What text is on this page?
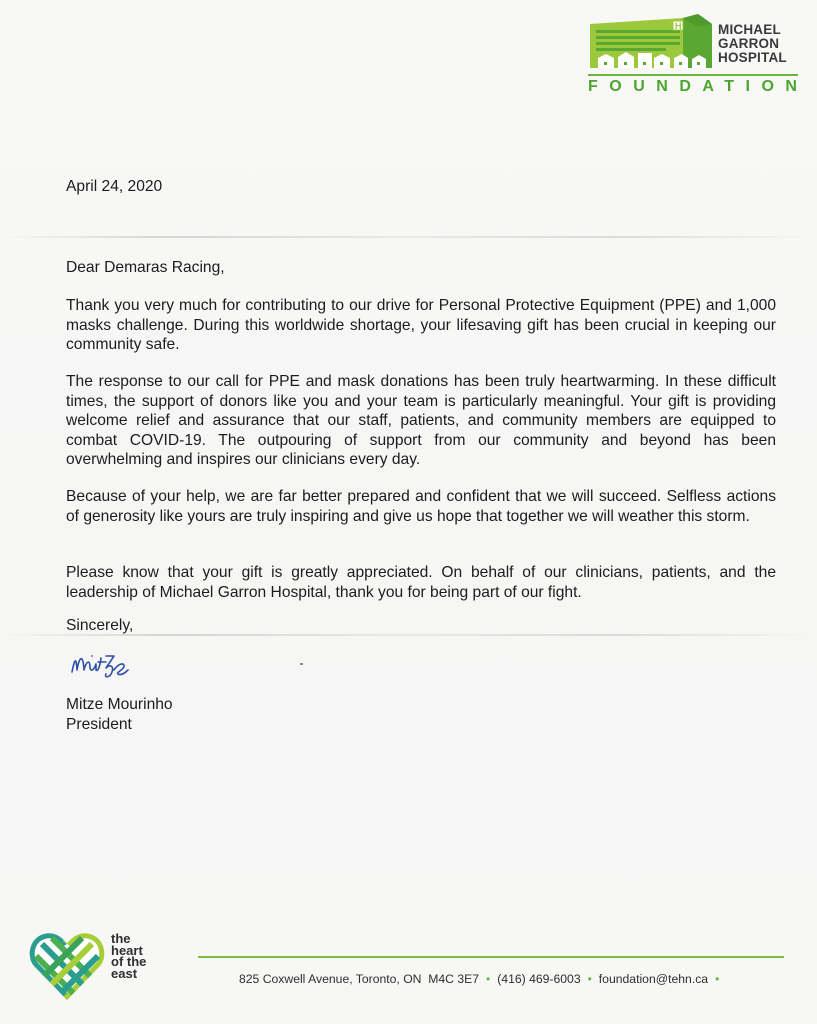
H	MICHAEL
GARRON
HOSPITAL
FOUNDATION
April 24, 2020
Dear Demaras Racing,
Thank you very much for contributing to our drive for Personal Protective Equipment (PPE) and 1,000 masks challenge. During this worldwide shortage, your lifesaving gift has been crucial in keeping our community safe.
The response to our call for PPE and mask donations has been truly heartwarming. In these difficult times, the support of donors like you and your team is particularly meaningful. Your gift is providing welcome relief and assurance that our staff, patients, and community members are equipped to combat COVID-19. The outpouring of support from our community and beyond has been overwhelming and inspires our clinicians every day.
Because of your help, we are far better prepared and confident that we will succeed. Selfless actions of generosity like yours are truly inspiring and give us hope that together we will weather this storm.
Please know that your gift is greatly appreciated. On behalf of our clinicians, patients, and the leadership of Michael Garron Hospital, thank you for being part of our fight.
Sincerely,
Mitze Mourinho
President
the
heart
of the
east	825 Coxwell Avenue, Toronto, ON  M4C 3E7 • (416) 469-6003 • foundation@tehn.ca •
